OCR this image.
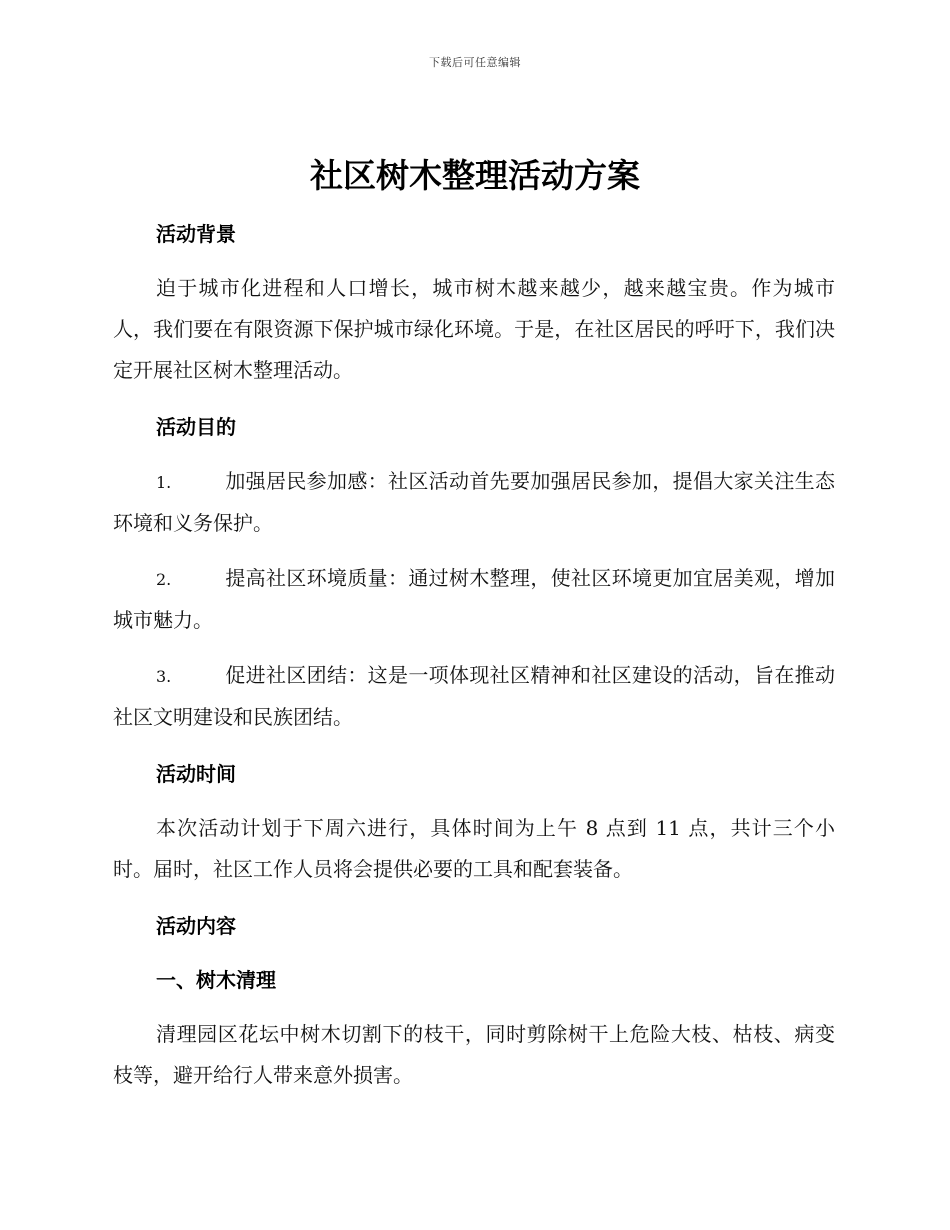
下载后可任意编辑
社区树木整理活动方案
活动背景

迫于城市化进程和人口增长，城市树木越来越少，越来越宝贵。作为城市人，我们要在有限资源下保护城市绿化环境。于是，在社区居民的呼吁下，我们决定开展社区树木整理活动。

活动目的

1.	加强居民参加感：社区活动首先要加强居民参加，提倡大家关注生态环境和义务保护。

2.	提高社区环境质量：通过树木整理，使社区环境更加宜居美观，增加城市魅力。

3.	促进社区团结：这是一项体现社区精神和社区建设的活动，旨在推动社区文明建设和民族团结。

活动时间

本次活动计划于下周六进行，具体时间为上午 8 点到 11 点，共计三个小时。届时，社区工作人员将会提供必要的工具和配套装备。

活动内容
一、树木清理

清理园区花坛中树木切割下的枝干，同时剪除树干上危险大枝、枯枝、病变枝等，避开给行人带来意外损害。
